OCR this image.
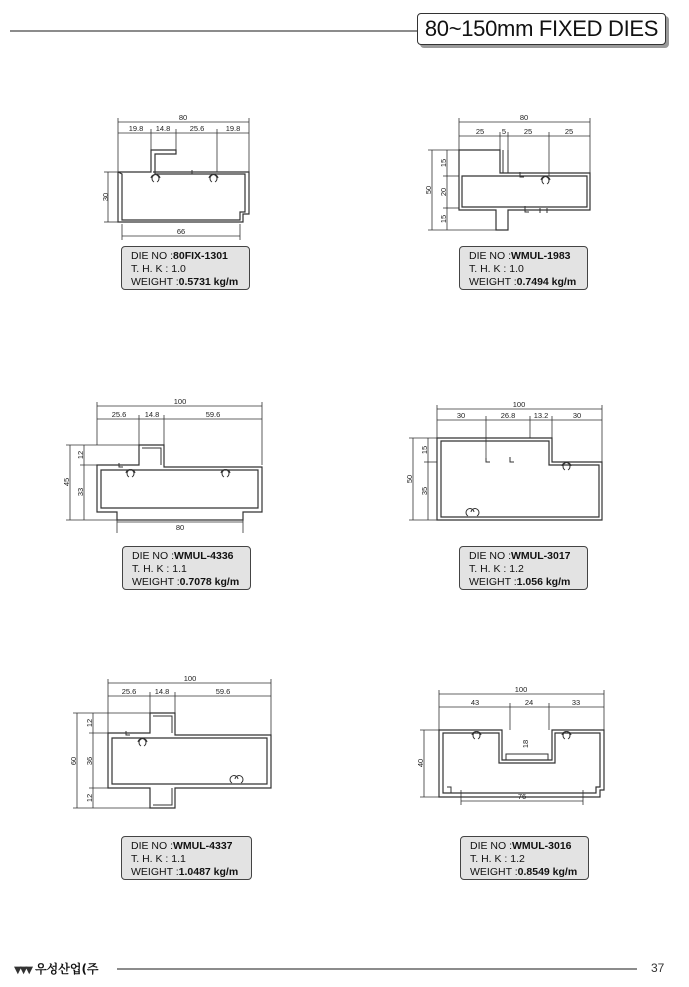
80~150mm FIXED DIES
80
19.8 14.8	25.6	19.8
30
66
80
25 5 25	25
50
15
20
15
100
25.6 14.8	59.6
45
12
33
80
100
30	26.8 13.2	30
50
15
35
100
25.6 14.8	59.6
60
12
36
12
100
43	24	33
40
18
76
DIE NO :80FIX-1301
T. H. K : 1.0
WEIGHT :0.5731 kg/m
DIE NO :WMUL-1983
T. H. K : 1.0
WEIGHT :0.7494 kg/m
DIE NO :WMUL-4336
T. H. K : 1.1
WEIGHT :0.7078 kg/m
DIE NO :WMUL-3017
T. H. K : 1.2
WEIGHT :1.056 kg/m
DIE NO :WMUL-4337
T. H. K : 1.1
WEIGHT :1.0487 kg/m
DIE NO :WMUL-3016
T. H. K : 1.2
WEIGHT :0.8549 kg/m
▼▼▼ 우성산업(주	37
